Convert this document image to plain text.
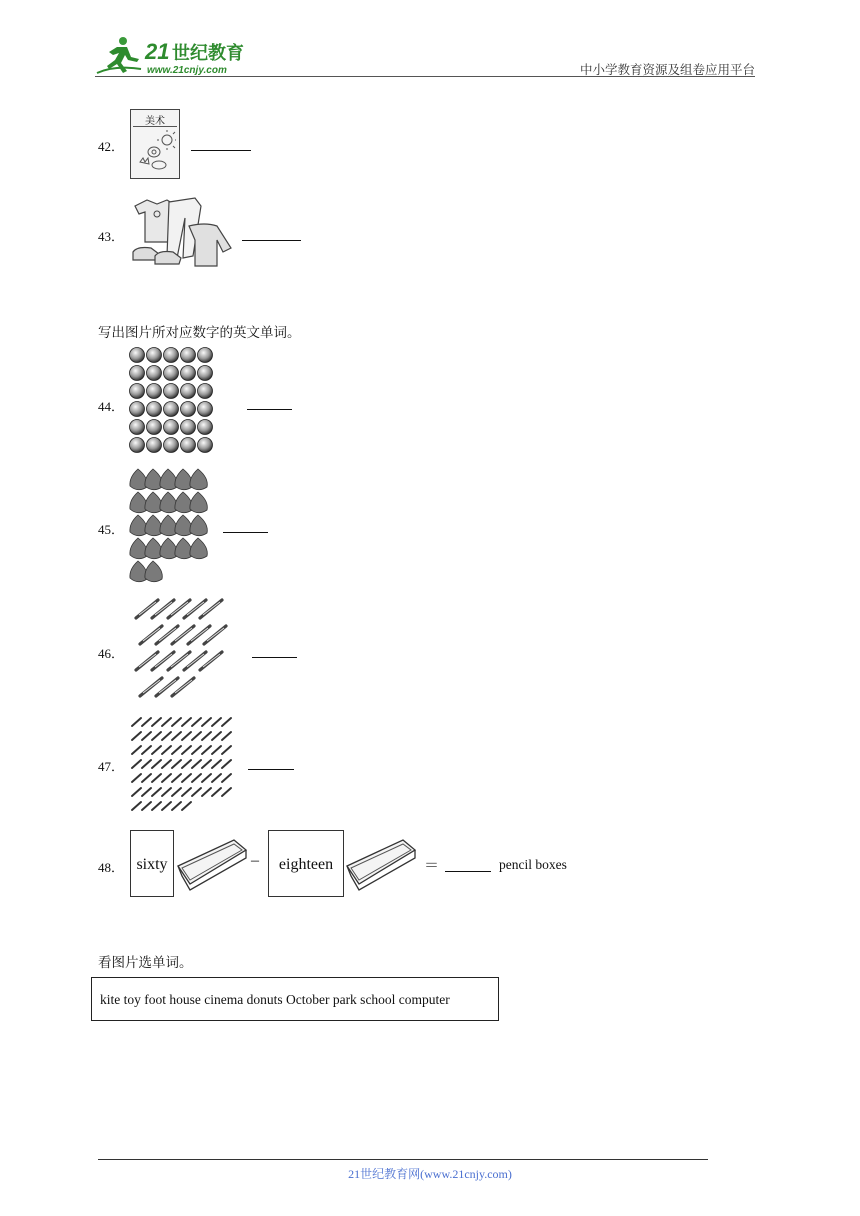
21 世纪教育
www.21cnjy.com	中小学教育资源及组卷应用平台
42．
美术
43．
写出图片所对应数字的英文单词。
44．
45．
46．
47．
48． sixty	–	eighteen	＝	pencil boxes
看图片选单词。
kite toy foot house cinema donuts October park school computer
21世纪教育网(www.21cnjy.com)
